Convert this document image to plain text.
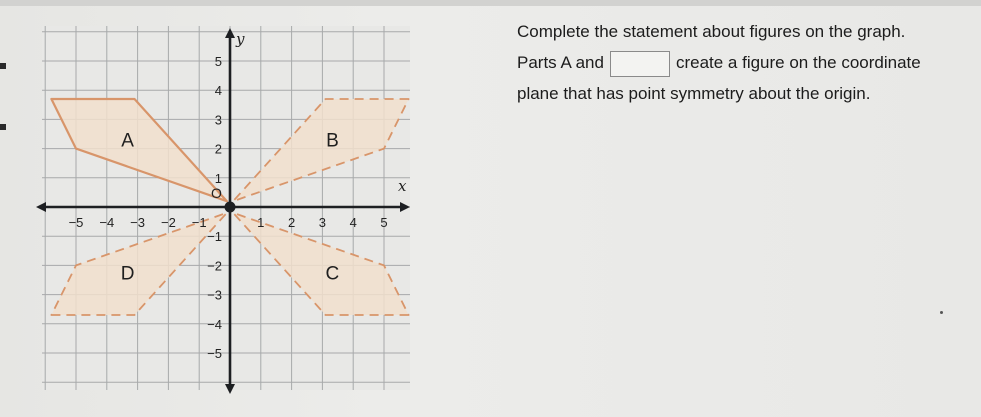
A	B
C
D
−5 −4 −3 −2 −1	1 2 3 4 5
5
4
3
2
1
−1
−2
−3
−4
−5
x
y
O
Complete the statement about figures on the graph.
Parts A and	create a figure on the coordinate
plane that has point symmetry about the origin.
